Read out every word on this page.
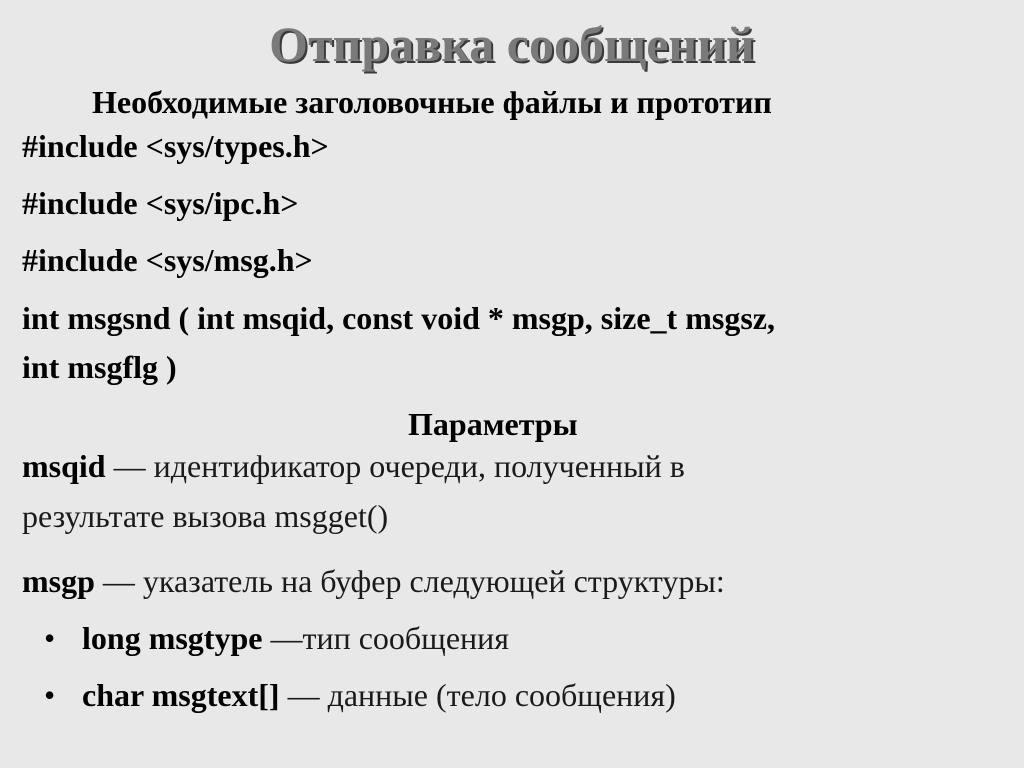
Отправка сообщений
Необходимые заголовочные файлы и прототип
#include <sys/types.h>
#include <sys/ipc.h>
#include <sys/msg.h>
int msgsnd ( int msqid, const void * msgp, size_t msgsz,
int msgflg )
Параметры
msqid — идентификатор очереди, полученный в
результате вызова msgget()
msgp — указатель на буфер следующей структуры:
• long msgtype —тип сообщения
• char msgtext[] — данные (тело сообщения)
